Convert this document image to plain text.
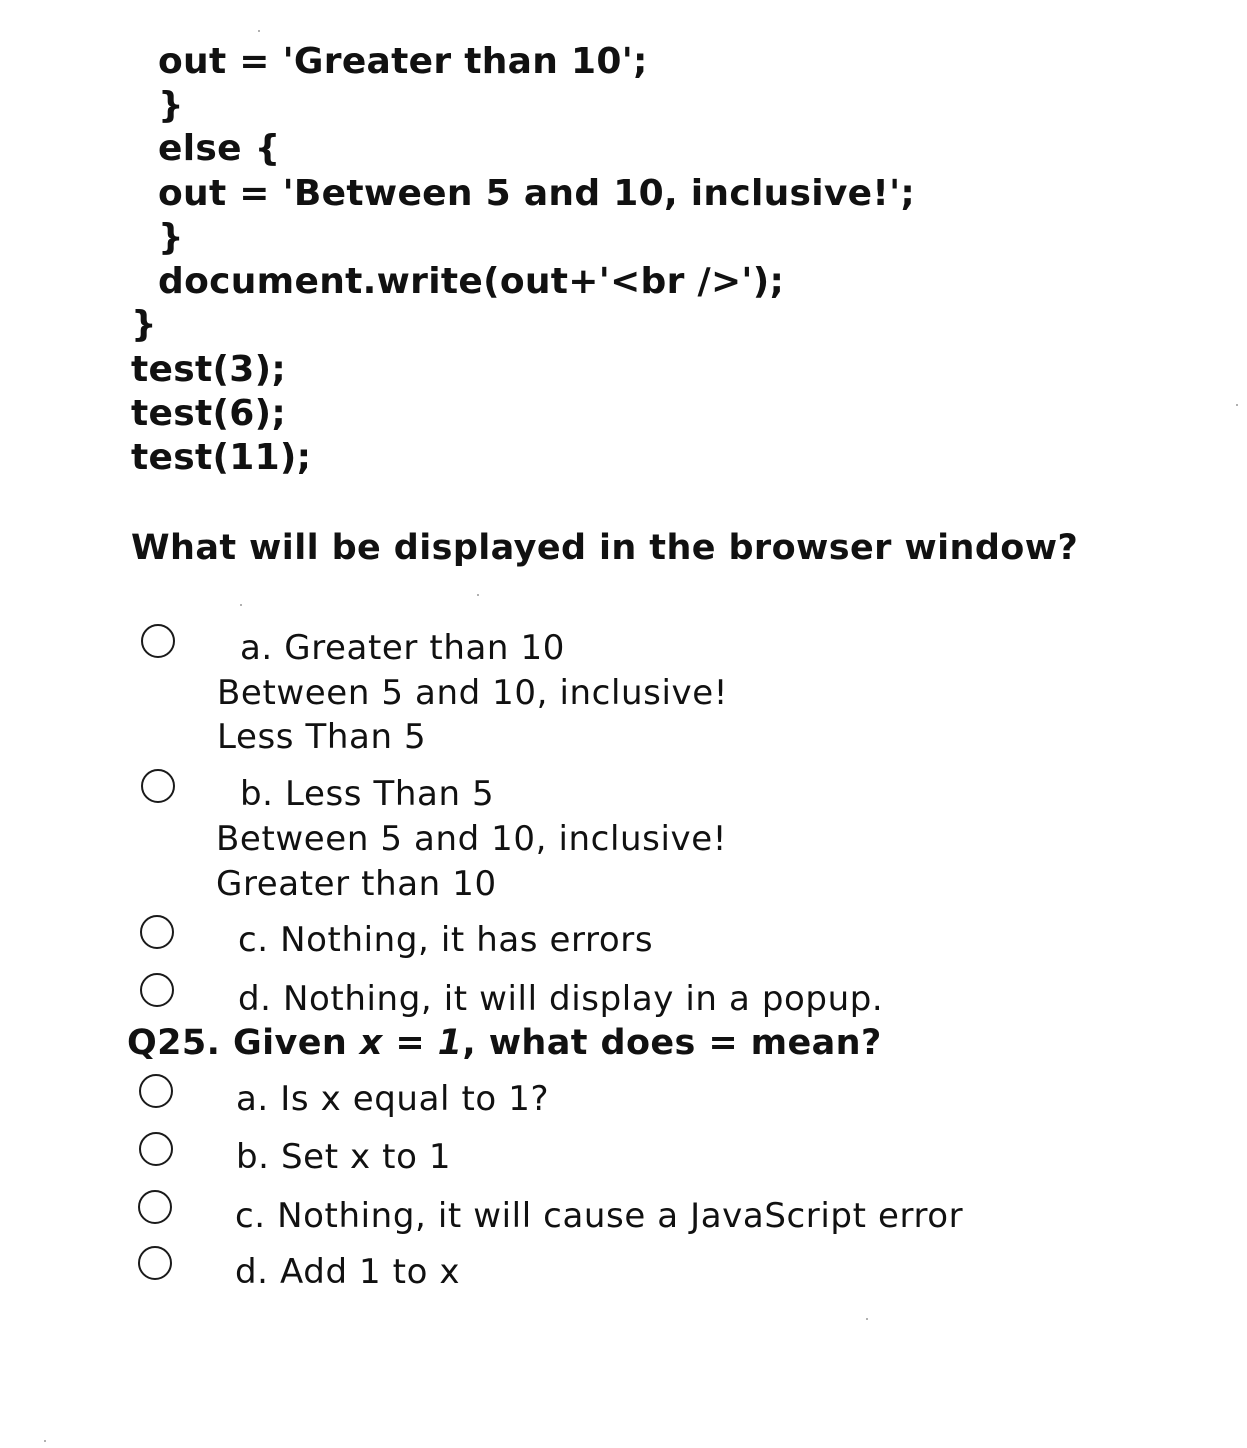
out = 'Greater than 10';
}
else {
out = 'Between 5 and 10, inclusive!';
}
document.write(out+'<br />');
}
test(3);
test(6);
test(11);
What will be displayed in the browser window?
a. Greater than 10
Between 5 and 10, inclusive!
Less Than 5
b. Less Than 5
Between 5 and 10, inclusive!
Greater than 10
c. Nothing, it has errors
d. Nothing, it will display in a popup.
Q25. Given x = 1, what does = mean?
a. Is x equal to 1?
b. Set x to 1
c. Nothing, it will cause a JavaScript error
d. Add 1 to x
